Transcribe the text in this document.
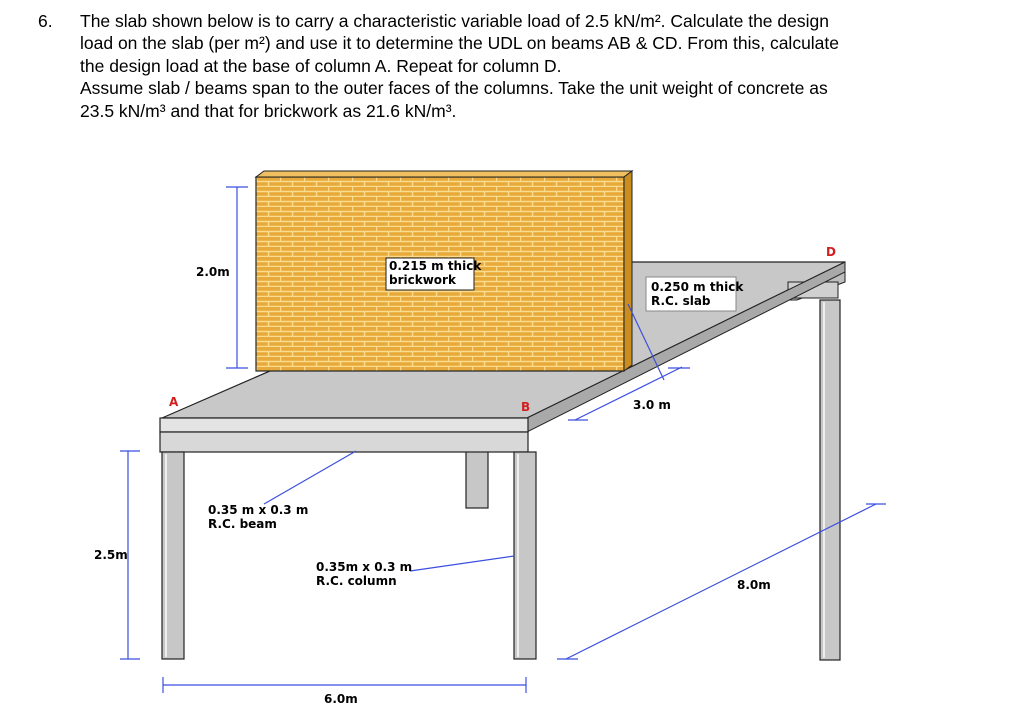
6. The slab shown below is to carry a characteristic variable load of 2.5 kN/m². Calculate the design
load on the slab (per m²) and use it to determine the UDL on beams AB & CD. From this, calculate
the design load at the base of column A. Repeat for column D.
Assume slab / beams span to the outer faces of the columns. Take the unit weight of concrete as
23.5 kN/m³ and that for brickwork as 21.6 kN/m³.
A	B
D
0.215 m thick
brickwork	0.250 m thick
R.C. slab
0.35 m x 0.3 m
R.C. beam
0.35m x 0.3 m
R.C. column
2.0m
2.5m
6.0m
8.0m
3.0 m
